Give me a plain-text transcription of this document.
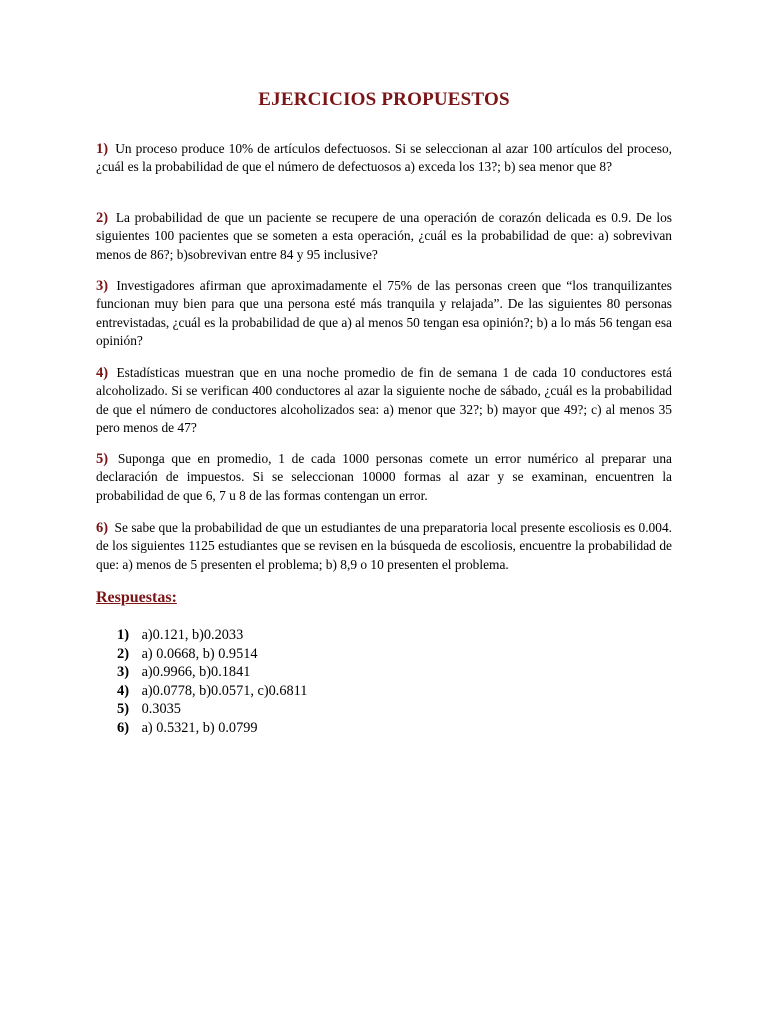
EJERCICIOS PROPUESTOS

1) Un proceso produce 10% de artículos defectuosos. Si se seleccionan al azar 100 artículos del proceso, ¿cuál es la probabilidad de que el número de defectuosos a) exceda los 13?; b) sea menor que 8?

2) La probabilidad de que un paciente se recupere de una operación de corazón delicada es 0.9. De los siguientes 100 pacientes que se someten a esta operación, ¿cuál es la probabilidad de que: a) sobrevivan menos de 86?; b)sobrevivan entre 84 y 95 inclusive?

3) Investigadores afirman que aproximadamente el 75% de las personas creen que “los tranquilizantes funcionan muy bien para que una persona esté más tranquila y relajada”. De las siguientes 80 personas entrevistadas, ¿cuál es la probabilidad de que a) al menos 50 tengan esa opinión?; b) a lo más 56 tengan esa opinión?

4) Estadísticas muestran que en una noche promedio de fin de semana 1 de cada 10 conductores está alcoholizado. Si se verifican 400 conductores al azar la siguiente noche de sábado, ¿cuál es la probabilidad de que el número de conductores alcoholizados sea: a) menor que 32?; b) mayor que 49?; c) al menos 35 pero menos de 47?

5) Suponga que en promedio, 1 de cada 1000 personas comete un error numérico al preparar una declaración de impuestos. Si se seleccionan 10000 formas al azar y se examinan, encuentren la probabilidad de que 6, 7 u 8 de las formas contengan un error.

6) Se sabe que la probabilidad de que un estudiantes de una preparatoria local presente escoliosis es 0.004. de los siguientes 1125 estudiantes que se revisen en la búsqueda de escoliosis, encuentre la probabilidad de que: a) menos de 5 presenten el problema; b) 8,9 o 10 presenten el problema.

Respuestas:
1) a)0.121, b)0.2033
2) a) 0.0668, b) 0.9514
3) a)0.9966, b)0.1841
4) a)0.0778, b)0.0571, c)0.6811
5) 0.3035
6) a) 0.5321, b) 0.0799
